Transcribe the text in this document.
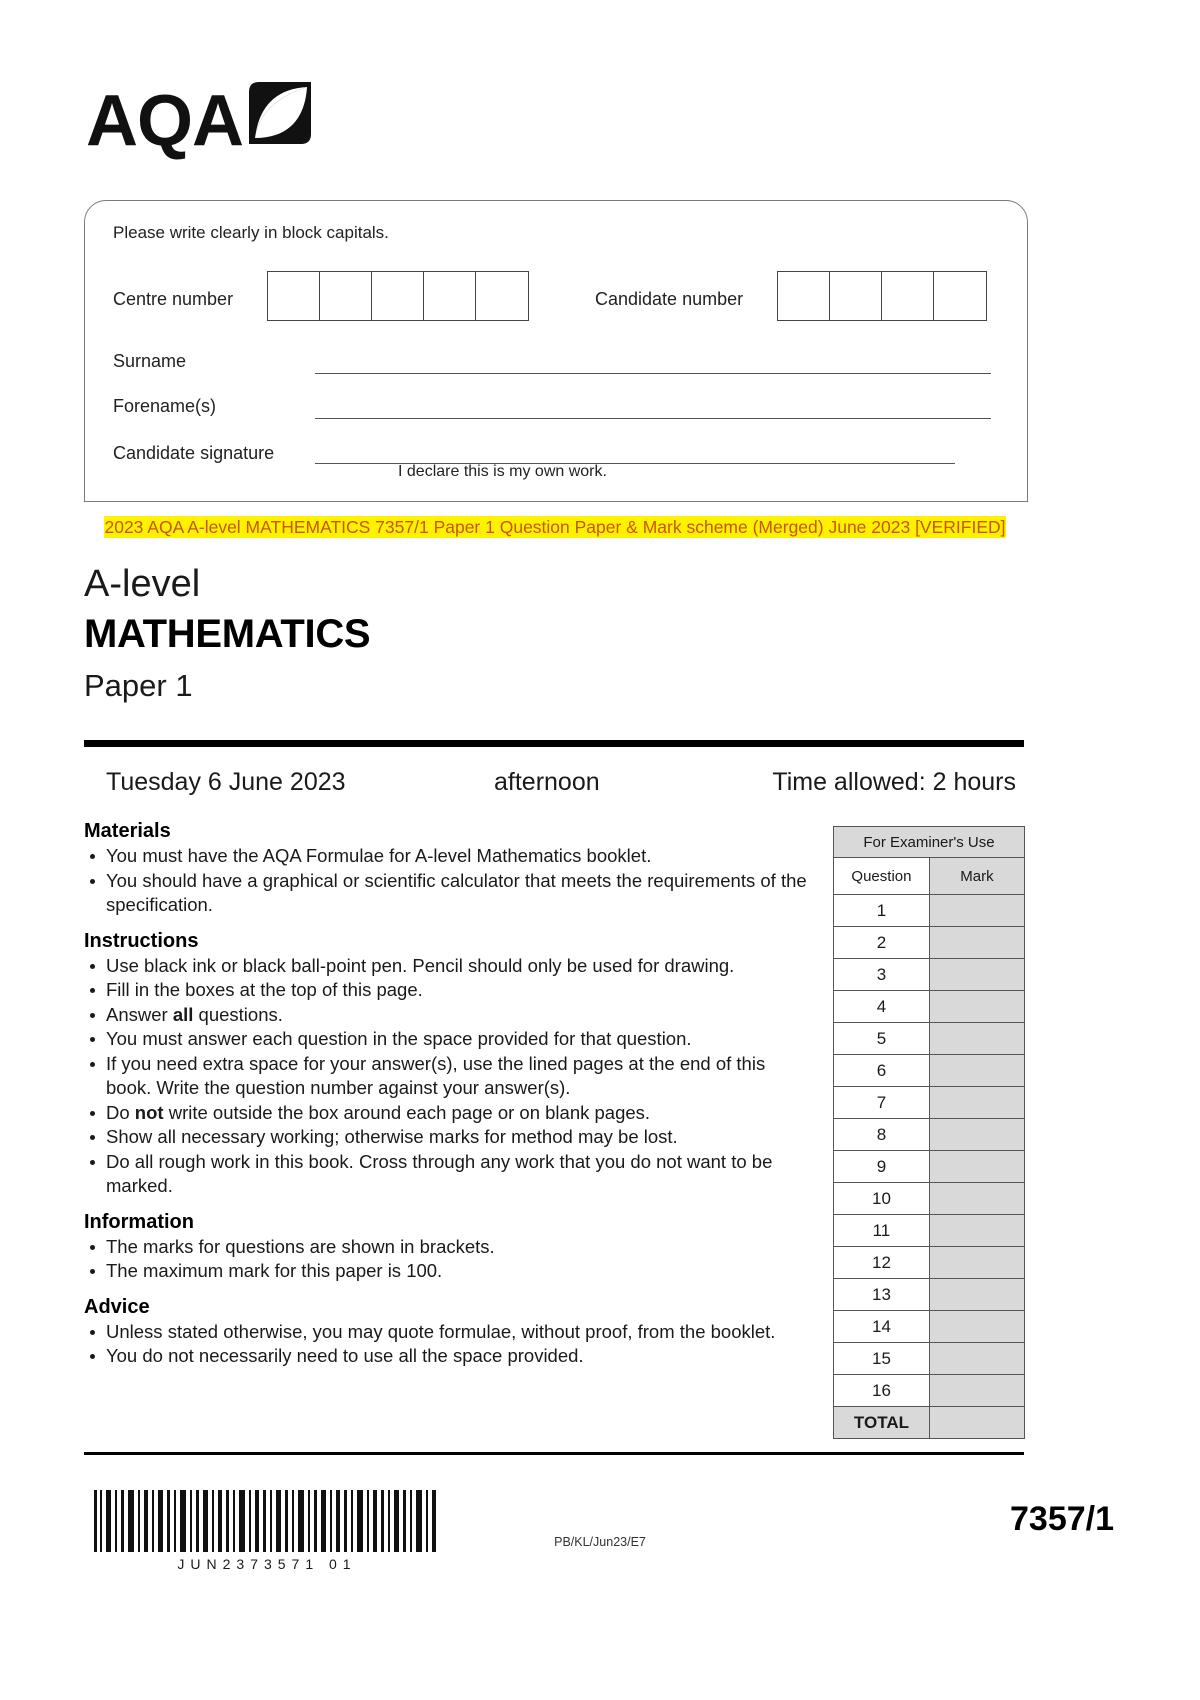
AQA
Please write clearly in block capitals.
Centre number	Candidate number
Surname
Forename(s)
Candidate signature
I declare this is my own work.
2023 AQA A-level MATHEMATICS 7357/1 Paper 1 Question Paper & Mark scheme (Merged) June 2023 [VERIFIED]
A-level
MATHEMATICS
Paper 1
Tuesday 6 June 2023	afternoon	Time allowed: 2 hours
Materials
You must have the AQA Formulae for A-level Mathematics booklet.
You should have a graphical or scientific calculator that meets the requirements of the specification.
Instructions
Use black ink or black ball-point pen. Pencil should only be used for drawing.
Fill in the boxes at the top of this page.
Answer all questions.
You must answer each question in the space provided for that question.
If you need extra space for your answer(s), use the lined pages at the end of this book. Write the question number against your answer(s).
Do not write outside the box around each page or on blank pages.
Show all necessary working; otherwise marks for method may be lost.
Do all rough work in this book. Cross through any work that you do not want to be marked.
Information
The marks for questions are shown in brackets.
The maximum mark for this paper is 100.
Advice
Unless stated otherwise, you may quote formulae, without proof, from the booklet.
You do not necessarily need to use all the space provided.
For Examiner's Use	
Question	Mark
1	
2	
3	
4	
5	
6	
7	
8	
9	
10	
11	
12	
13	
14	
15	
16	
TOTAL	
JUN2373571 01
PB/KL/Jun23/E7
7357/1
